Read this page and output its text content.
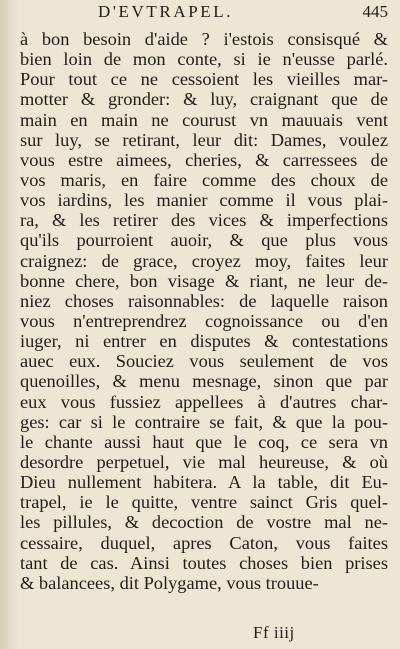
D'EVTRAPEL.	445
à bon besoin d'aide ? i'estois consisqué &
bien loin de mon conte, si ie n'eusse parlé.
Pour tout ce ne cessoient les vieilles mar-
motter & gronder: & luy, craignant que de
main en main ne courust vn mauuais vent
sur luy, se retirant, leur dit: Dames, voulez
vous estre aimees, cheries, & carressees de
vos maris, en faire comme des choux de
vos iardins, les manier comme il vous plai-
ra, & les retirer des vices & imperfections
qu'ils pourroient auoir, & que plus vous
craignez: de grace, croyez moy, faites leur
bonne chere, bon visage & riant, ne leur de-
niez choses raisonnables: de laquelle raison
vous n'entreprendrez cognoissance ou d'en
iuger, ni entrer en disputes & contestations
auec eux. Souciez vous seulement de vos
quenoilles, & menu mesnage, sinon que par
eux vous fussiez appellees à d'autres char-
ges: car si le contraire se fait, & que la pou-
le chante aussi haut que le coq, ce sera vn
desordre perpetuel, vie mal heureuse, & où
Dieu nullement habitera. A la table, dit Eu-
trapel, ie le quitte, ventre sainct Gris quel-
les pillules, & decoction de vostre mal ne-
cessaire, duquel, apres Caton, vous faites
tant de cas. Ainsi toutes choses bien prises
& balancees, dit Polygame, vous trouue-
Ff iiij
